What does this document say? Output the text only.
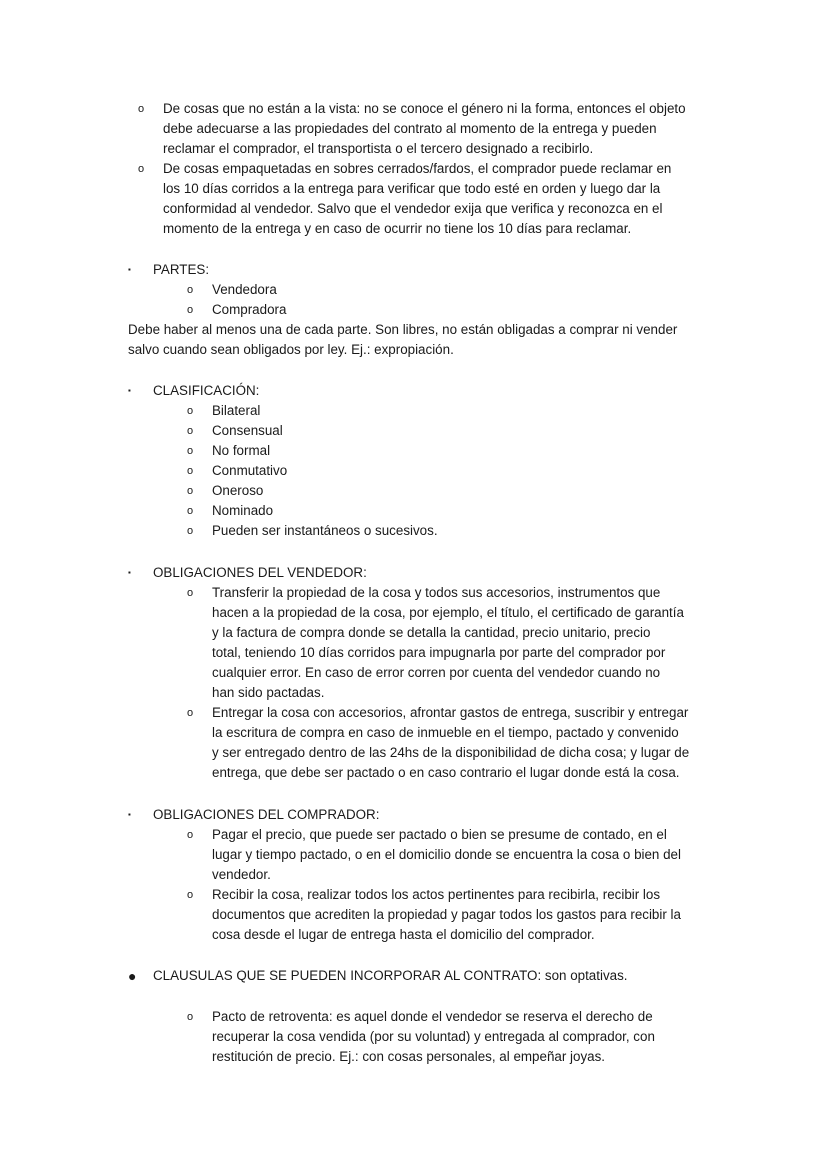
o De cosas que no están a la vista: no se conoce el género ni la forma, entonces el objeto
debe adecuarse a las propiedades del contrato al momento de la entrega y pueden
reclamar el comprador, el transportista o el tercero designado a recibirlo.
o De cosas empaquetadas en sobres cerrados/fardos, el comprador puede reclamar en
los 10 días corridos a la entrega para verificar que todo esté en orden y luego dar la
conformidad al vendedor. Salvo que el vendedor exija que verifica y reconozca en el
momento de la entrega y en caso de ocurrir no tiene los 10 días para reclamar.
▪ PARTES:
o Vendedora
o Compradora
Debe haber al menos una de cada parte. Son libres, no están obligadas a comprar ni vender
salvo cuando sean obligados por ley. Ej.: expropiación.
▪ CLASIFICACIÓN:
o Bilateral
o Consensual
o No formal
o Conmutativo
o Oneroso
o Nominado
o Pueden ser instantáneos o sucesivos.
▪ OBLIGACIONES DEL VENDEDOR:
o Transferir la propiedad de la cosa y todos sus accesorios, instrumentos que
hacen a la propiedad de la cosa, por ejemplo, el título, el certificado de garantía
y la factura de compra donde se detalla la cantidad, precio unitario, precio
total, teniendo 10 días corridos para impugnarla por parte del comprador por
cualquier error. En caso de error corren por cuenta del vendedor cuando no
han sido pactadas.
o Entregar la cosa con accesorios, afrontar gastos de entrega, suscribir y entregar
la escritura de compra en caso de inmueble en el tiempo, pactado y convenido
y ser entregado dentro de las 24hs de la disponibilidad de dicha cosa; y lugar de
entrega, que debe ser pactado o en caso contrario el lugar donde está la cosa.
▪ OBLIGACIONES DEL COMPRADOR:
o Pagar el precio, que puede ser pactado o bien se presume de contado, en el
lugar y tiempo pactado, o en el domicilio donde se encuentra la cosa o bien del
vendedor.
o Recibir la cosa, realizar todos los actos pertinentes para recibirla, recibir los
documentos que acrediten la propiedad y pagar todos los gastos para recibir la
cosa desde el lugar de entrega hasta el domicilio del comprador.
● CLAUSULAS QUE SE PUEDEN INCORPORAR AL CONTRATO: son optativas.
o Pacto de retroventa: es aquel donde el vendedor se reserva el derecho de
recuperar la cosa vendida (por su voluntad) y entregada al comprador, con
restitución de precio. Ej.: con cosas personales, al empeñar joyas.
